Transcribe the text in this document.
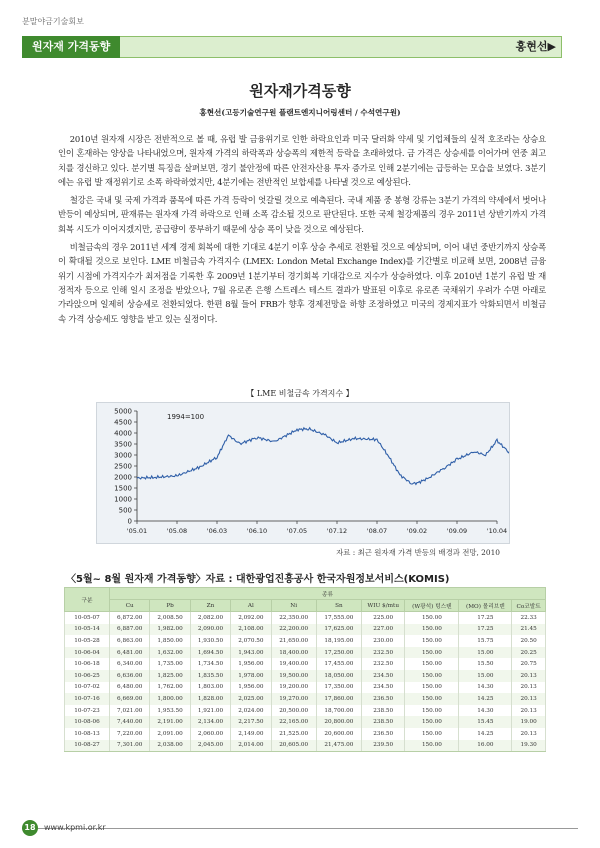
분말야금기술회보
원자재 가격동향	홍현선▶
원자재가격동향
홍현선(고등기술연구원 플랜트엔지니어링센터 / 수석연구원)

2010년 원자재 시장은 전반적으로 볼 때, 유럽 발 금융위기로 인한 하락요인과 미국 달러화 약세 및 기업체들의 실적 호조라는 상승요인이 혼재하는 양상을 나타내었으며, 원자재 가격의 하락폭과 상승폭의 제한적 등락을 초래하였다. 금 가격은 상승세를 이어가며 연중 최고치를 경신하고 있다. 분기별 특징을 살펴보면, 경기 불안정에 따른 안전자산용 투자 증가로 인해 2분기에는 급등하는 모습을 보였다. 3분기에는 유럽 발 재정위기로 소폭 하락하였지만, 4분기에는 전반적인 보합세를 나타낼 것으로 예상된다.

철강은 국내 및 국제 가격과 품목에 따른 가격 등락이 엇갈릴 것으로 예측된다. 국내 제품 중 봉형 강류는 3분기 가격의 약세에서 벗어나 반등이 예상되며, 판재류는 원자재 가격 하락으로 인해 소폭 감소될 것으로 판단된다. 또한 국제 철강제품의 경우 2011년 상반기까지 가격 회복 시도가 이어지겠지만, 공급량이 풍부하기 때문에 상승 폭이 낮을 것으로 예상된다.

비철금속의 경우 2011년 세계 경제 회복에 대한 기대로 4분기 이후 상승 추세로 전환될 것으로 예상되며, 이어 내년 중반기까지 상승폭이 확대될 것으로 보인다. LME 비철금속 가격지수 (LMEX: London Metal Exchange Index)를 기간별로 비교해 보면, 2008년 금융위기 시점에 가격지수가 최저점을 기록한 후 2009년 1분기부터 경기회복 기대감으로 지수가 상승하였다. 이후 2010년 1분기 유럽 발 재정적자 등으로 인해 일시 조정을 받았으나, 7월 유로존 은행 스트레스 테스트 결과가 발표된 이후로 유로존 국채위기 우려가 수면 아래로 가라앉으며 일제히 상승세로 전환되었다. 한편 8월 들어 FRB가 향후 경제전망을 하향 조정하였고 미국의 경제지표가 악화되면서 비철금속 가격 상승세도 영향을 받고 있는 실정이다.

【 LME 비철금속 가격지수 】
0
500
1000
1500
2000
2500
3000
3500
4000
4500
5000
'05.01	'05.08	'06.03	'06.10	'07.05	'07.12	'08.07	'09.02	'09.09	'10.04
1994=100
자료 : 최근 원자재 가격 반등의 배경과 전망, 2010
〈5월~ 8월 원자재 가격동향〉자료 : 대한광업진흥공사 한국자원정보서비스(KOMIS)
구분	종류									
	Cu	Pb	Zn	Al	Ni	Sn	WIU $/mtu	(W광석) 텅스텐	(MO) 몰리브덴	Co코발트
10-05-07	6,872.00	2,008.50	2,082.00	2,092.00	22,350.00	17,555.00	225.00	150.00	17.25	22.33
10-05-14	6,887.00	1,982.00	2,090.00	2,108.00	22,200.00	17,625.00	227.00	150.00	17.25	21.45
10-05-28	6,863.00	1,850.00	1,930.50	2,070.50	21,650.00	18,195.00	230.00	150.00	15.75	20.50
10-06-04	6,481.00	1,632.00	1,694.50	1,943.00	18,400.00	17,250.00	232.50	150.00	15.00	20.25
10-06-18	6,340.00	1,735.00	1,734.50	1,956.00	19,400.00	17,455.00	232.50	150.00	15.50	20.75
10-06-25	6,636.00	1,825.00	1,835.50	1,978.00	19,500.00	18,050.00	234.50	150.00	15.00	20.13
10-07-02	6,480.00	1,762.00	1,803.00	1,956.00	19,200.00	17,350.00	234.50	150.00	14.30	20.13
10-07-16	6,669.00	1,800.00	1,828.00	2,025.00	19,270.00	17,860.00	236.50	150.00	14.25	20.13
10-07-23	7,021.00	1,953.50	1,921.00	2,024.00	20,500.00	18,700.00	238.50	150.00	14.30	20.13
10-08-06	7,440.00	2,191.00	2,134.00	2,217.50	22,165.00	20,800.00	238.50	150.00	15.45	19.00
10-08-13	7,220.00	2,091.00	2,060.00	2,149.00	21,525.00	20,600.00	236.50	150.00	14.25	20.13
10-08-27	7,301.00	2,038.00	2,045.00	2,014.00	20,605.00	21,475.00	239.50	150.00	16.00	19.30
18	www.kpmi.or.kr
